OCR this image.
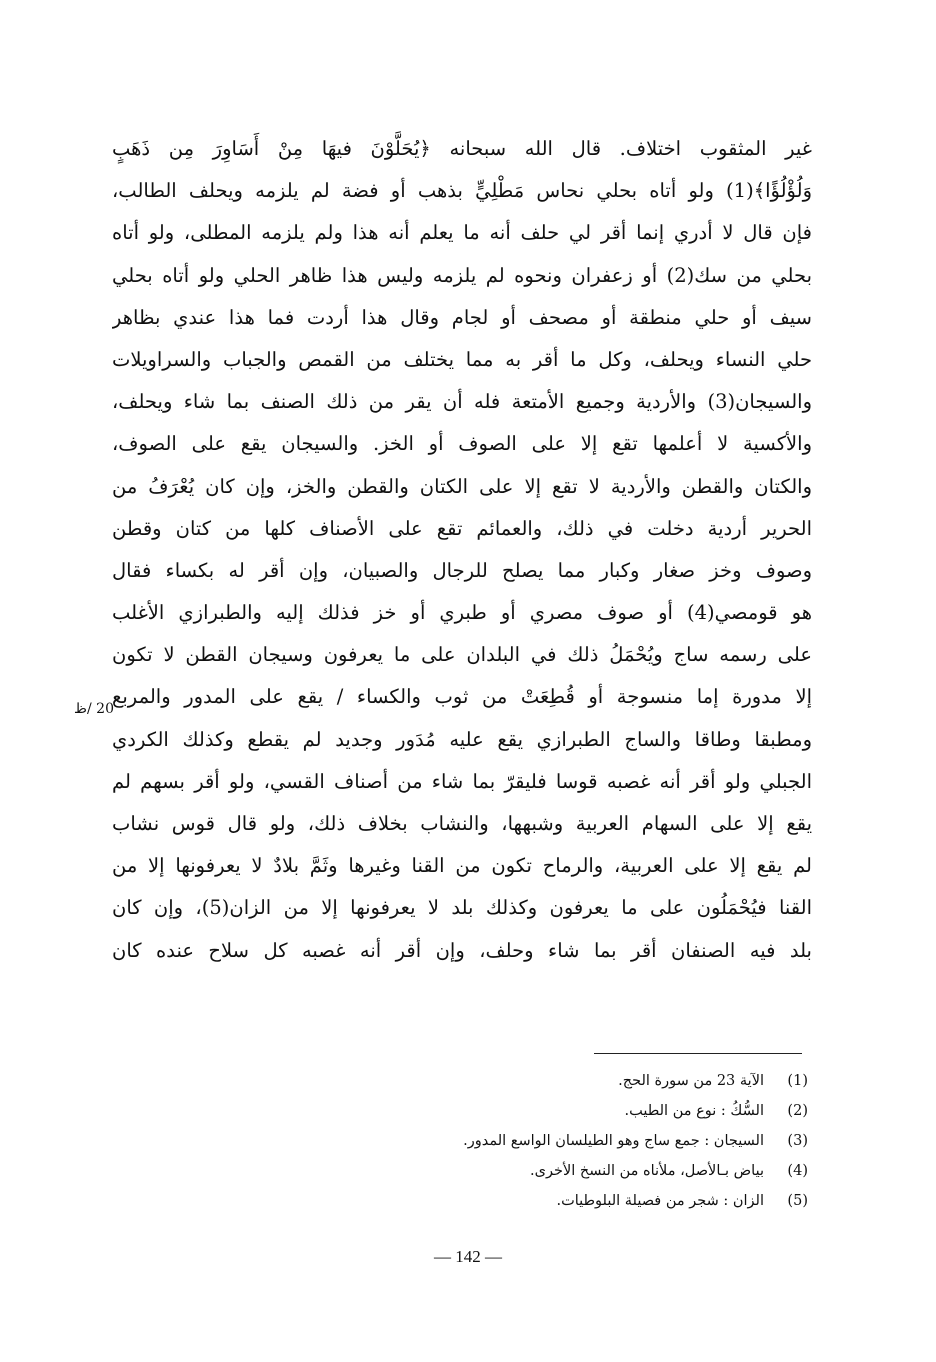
غير المثقوب اختلاف. قال الله سبحانه ﴿يُحَلَّوْنَ فيهَا مِنْ أَسَاوِرَ مِن ذَهَبٍ
وَلُؤْلُؤًا﴾(1) ولو أتاه بحلي نحاس مَطْلِيٍّ بذهب أو فضة لم يلزمه ويحلف الطالب،
فإن قال لا أدري إنما أقر لي حلف أنه ما يعلم أنه هذا ولم يلزمه المطلى، ولو أتاه
بحلي من سك(2) أو زعفران ونحوه لم يلزمه وليس هذا ظاهر الحلي ولو أتاه بحلي
سيف أو حلي منطقة أو مصحف أو لجام وقال هذا أردت فما هذا عندي بظاهر
حلي النساء ويحلف، وكل ما أقر به مما يختلف من القمص والجباب والسراويلات
والسيجان(3) والأردية وجميع الأمتعة فله أن يقر من ذلك الصنف بما شاء ويحلف،
والأكسية لا أعلمها تقع إلا على الصوف أو الخز. والسيجان يقع على الصوف،
والكتان والقطن والأردية لا تقع إلا على الكتان والقطن والخز، وإن كان يُعْرَفُ من
الحرير أردية دخلت في ذلك، والعمائم تقع على الأصناف كلها من كتان وقطن
وصوف وخز صغار وكبار مما يصلح للرجال والصبيان، وإن أقر له بكساء فقال
هو قومصي(4) أو صوف مصري أو طبري أو خز فذلك إليه والطبرازي الأغلب
على رسمه ساج ويُحْمَلُ ذلك في البلدان على ما يعرفون وسيجان القطن لا تكون
إلا مدورة إما منسوجة أو قُطِعَتْ من ثوب والكساء / يقع على المدور والمربع
ومطبقا وطاقا والساج الطبرازي يقع عليه مُدَور وجديد لم يقطع وكذلك الكردي
الجبلي ولو أقر أنه غصبه قوسا فليقرّ بما شاء من أصناف القسي، ولو أقر بسهم لم
يقع إلا على السهام العربية وشبهها، والنشاب بخلاف ذلك، ولو قال قوس نشاب
لم يقع إلا على العربية، والرماح تكون من القنا وغيرها وثَمَّ بلادٌ لا يعرفونها إلا من
القنا فيُحْمَلُون على ما يعرفون وكذلك بلد لا يعرفونها إلا من الزان(5)، وإن كان
بلد فيه الصنفان أقر بما شاء وحلف، وإن أقر أنه غصبه كل سلاح عنده كان
20 /ظ
(1)
الآية 23 من سورة الحج.
(2)
السُّكُ : نوع من الطيب.
(3)
السيجان : جمع ساج وهو الطيلسان الواسع المدور.
(4)
بياض بـالأصل، ملأناه من النسخ الأخرى.
(5)
الزان : شجر من فصيلة البلوطيات.
— 142 —
